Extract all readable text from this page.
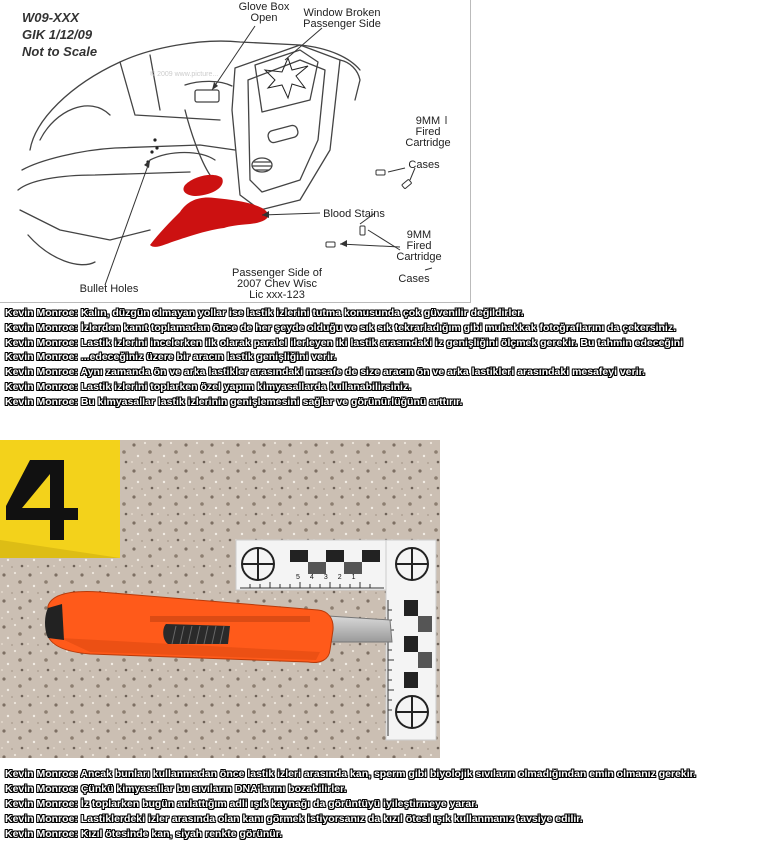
© 2009 www.picture...
W09-XXX
GIK 1/12/09
Not to Scale
Glove Box
Open	Window Broken
Passenger Side
9MM
Fired
Cartridge
Cases
Blood Stains
9MM
Fired
Cartridge
Cases
Bullet Holes
Passenger Side of
2007 Chev Wisc
Lic xxx-123
Kevin Monroe: Kalın, düzgün olmayan yollar ise lastik izlerini tutma konusunda çok güvenilir değildirler.
Kevin Monroe: İzlerden kanıt toplamadan önce de her şeyde olduğu ve sık sık tekrarladığım gibi muhakkak fotoğraflarını da çekersiniz.
Kevin Monroe: Lastik izlerini incelerken ilk olarak paralel ilerleyen iki lastik arasındaki iz genişliğini ölçmek gerekir. Bu tahmin edeceğini
Kevin Monroe: ...edeceğiniz üzere bir aracın lastik genişliğini verir.
Kevin Monroe: Aynı zamanda ön ve arka lastikler arasındaki mesafe de size aracın ön ve arka lastikleri arasındaki mesafeyi verir.
Kevin Monroe: Lastik izlerini toplarken özel yapım kimyasallarda kullanabilirsiniz.
Kevin Monroe: Bu kimyasallar lastik izlerinin genişlemesini sağlar ve görünürlüğünü arttırır.
54321
Kevin Monroe: Ancak bunları kullanmadan önce lastik izleri arasında kan, sperm gibi biyolojik sıvıların olmadığından emin olmanız gerekir.
Kevin Monroe: Çünkü kimyasallar bu sıvıların DNA'larını bozabilirler.
Kevin Monroe: İz toplarken bugün anlattığım adli ışık kaynağı da görüntüyü iyileştirmeye yarar.
Kevin Monroe: Lastiklerdeki izler arasında olan kanı görmek istiyorsanız da kızıl ötesi ışık kullanmanız tavsiye edilir.
Kevin Monroe: Kızıl ötesinde kan, siyah renkte görünür.
